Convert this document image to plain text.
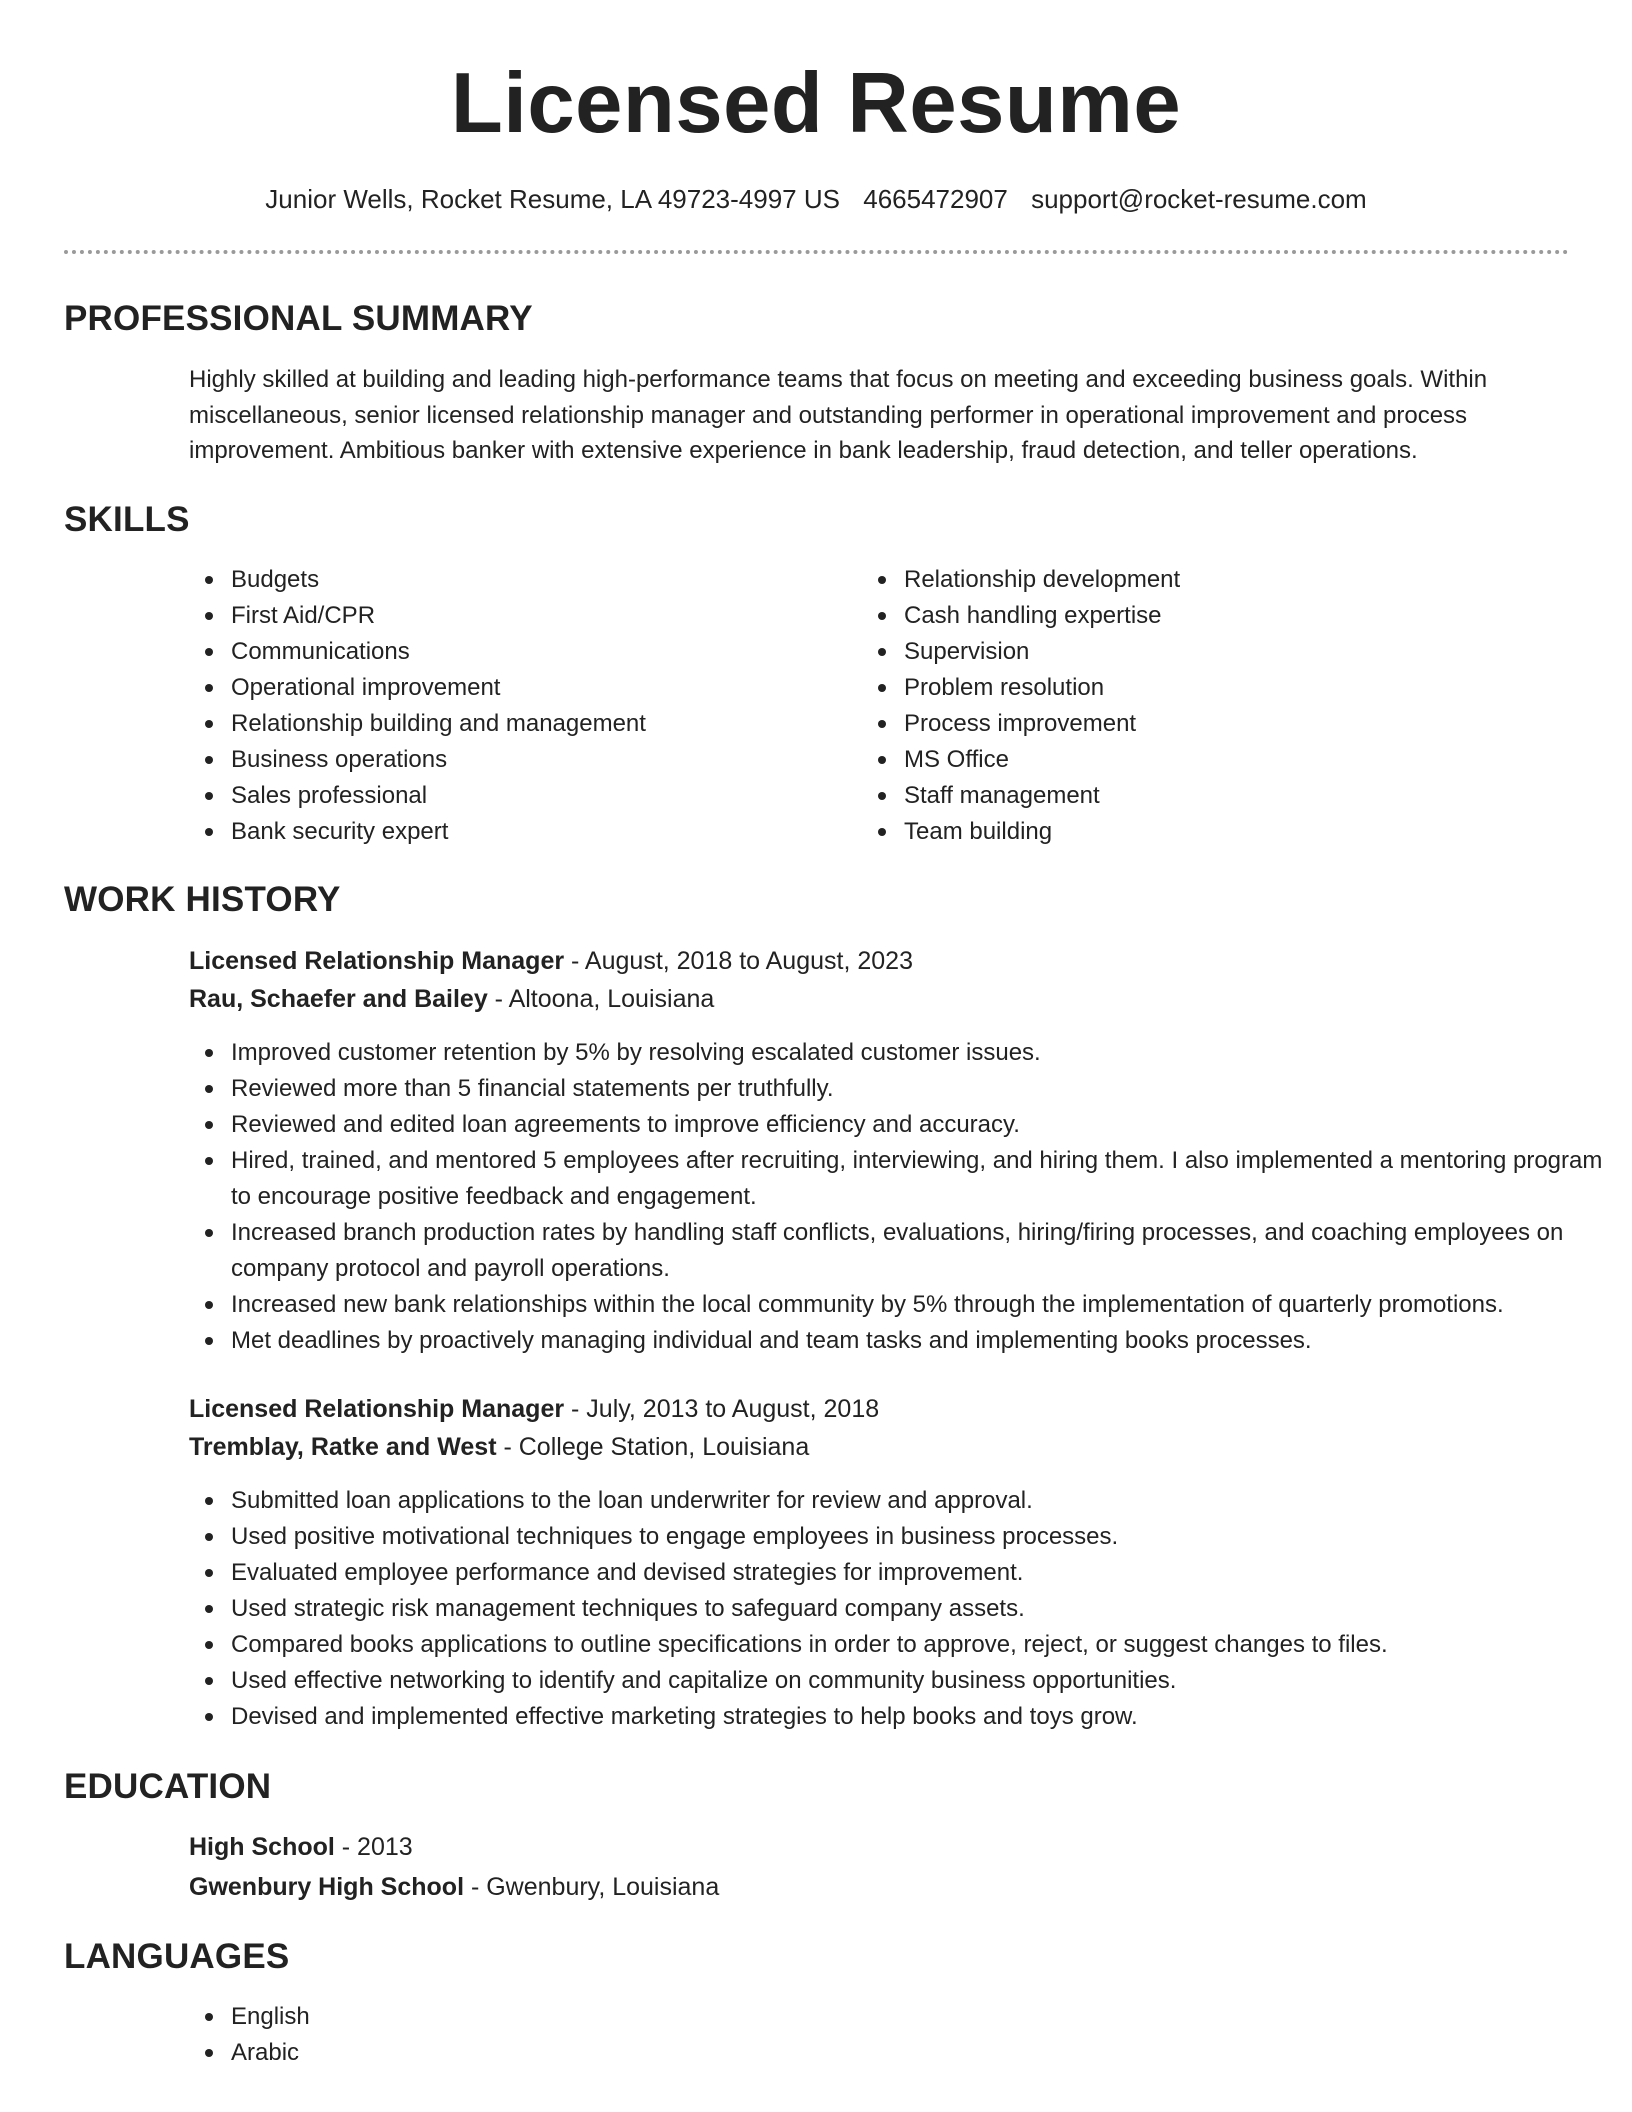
Licensed Resume
Junior Wells, Rocket Resume, LA 49723-4997 US 4665472907 support@rocket-resume.com
PROFESSIONAL SUMMARY

Highly skilled at building and leading high-performance teams that focus on meeting and exceeding business goals. Within miscellaneous, senior licensed relationship manager and outstanding performer in operational improvement and process improvement. Ambitious banker with extensive experience in bank leadership, fraud detection, and teller operations.

SKILLS
Budgets
First Aid/CPR
Communications
Operational improvement
Relationship building and management
Business operations
Sales professional
Bank security expert
Relationship development
Cash handling expertise
Supervision
Problem resolution
Process improvement
MS Office
Staff management
Team building
WORK HISTORY
Licensed Relationship Manager - August, 2018 to August, 2023
Rau, Schaefer and Bailey - Altoona, Louisiana
Improved customer retention by 5% by resolving escalated customer issues.
Reviewed more than 5 financial statements per truthfully.
Reviewed and edited loan agreements to improve efficiency and accuracy.
Hired, trained, and mentored 5 employees after recruiting, interviewing, and hiring them. I also implemented a mentoring program to encourage positive feedback and engagement.
Increased branch production rates by handling staff conflicts, evaluations, hiring/firing processes, and coaching employees on company protocol and payroll operations.
Increased new bank relationships within the local community by 5% through the implementation of quarterly promotions.
Met deadlines by proactively managing individual and team tasks and implementing books processes.
Licensed Relationship Manager - July, 2013 to August, 2018
Tremblay, Ratke and West - College Station, Louisiana
Submitted loan applications to the loan underwriter for review and approval.
Used positive motivational techniques to engage employees in business processes.
Evaluated employee performance and devised strategies for improvement.
Used strategic risk management techniques to safeguard company assets.
Compared books applications to outline specifications in order to approve, reject, or suggest changes to files.
Used effective networking to identify and capitalize on community business opportunities.
Devised and implemented effective marketing strategies to help books and toys grow.
EDUCATION
High School - 2013
Gwenbury High School - Gwenbury, Louisiana
LANGUAGES
English
Arabic
